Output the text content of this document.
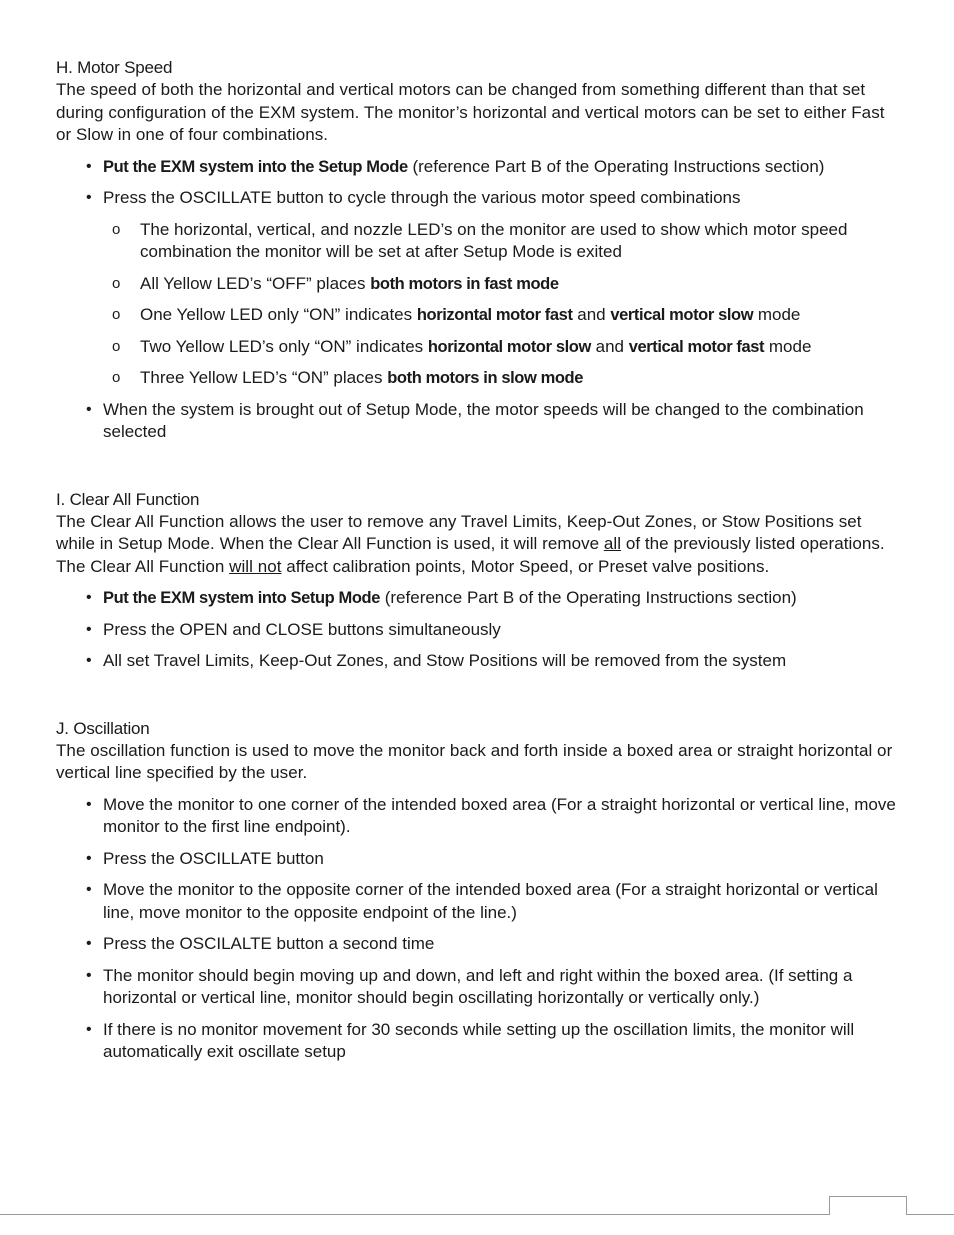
H. Motor Speed

The speed of both the horizontal and vertical motors can be changed from something different than that set during configuration of the EXM system. The monitor’s horizontal and vertical motors can be set to either Fast or Slow in one of four combinations.

• Put the EXM system into the Setup Mode (reference Part B of the Operating Instructions section)
• Press the OSCILLATE button to cycle through the various motor speed combinations
o The horizontal, vertical, and nozzle LED’s on the monitor are used to show which motor speed combination the monitor will be set at after Setup Mode is exited
o All Yellow LED’s “OFF” places both motors in fast mode
o One Yellow LED only “ON” indicates horizontal motor fast and vertical motor slow mode
o Two Yellow LED’s only “ON” indicates horizontal motor slow and vertical motor fast mode
o Three Yellow LED’s “ON” places both motors in slow mode
• When the system is brought out of Setup Mode, the motor speeds will be changed to the combination selected
I. Clear All Function

The Clear All Function allows the user to remove any Travel Limits, Keep-Out Zones, or Stow Positions set while in Setup Mode. When the Clear All Function is used, it will remove all of the previously listed operations. The Clear All Function will not affect calibration points, Motor Speed, or Preset valve positions.

• Put the EXM system into Setup Mode (reference Part B of the Operating Instructions section)
• Press the OPEN and CLOSE buttons simultaneously
• All set Travel Limits, Keep-Out Zones, and Stow Positions will be removed from the system
J. Oscillation

The oscillation function is used to move the monitor back and forth inside a boxed area or straight horizontal or vertical line specified by the user.

• Move the monitor to one corner of the intended boxed area (For a straight horizontal or vertical line, move monitor to the first line endpoint).
• Press the OSCILLATE button
• Move the monitor to the opposite corner of the intended boxed area (For a straight horizontal or vertical line, move monitor to the opposite endpoint of the line.)
• Press the OSCILALTE button a second time
• The monitor should begin moving up and down, and left and right within the boxed area. (If setting a horizontal or vertical line, monitor should begin oscillating horizontally or vertically only.)
• If there is no monitor movement for 30 seconds while setting up the oscillation limits, the monitor will automatically exit oscillate setup
